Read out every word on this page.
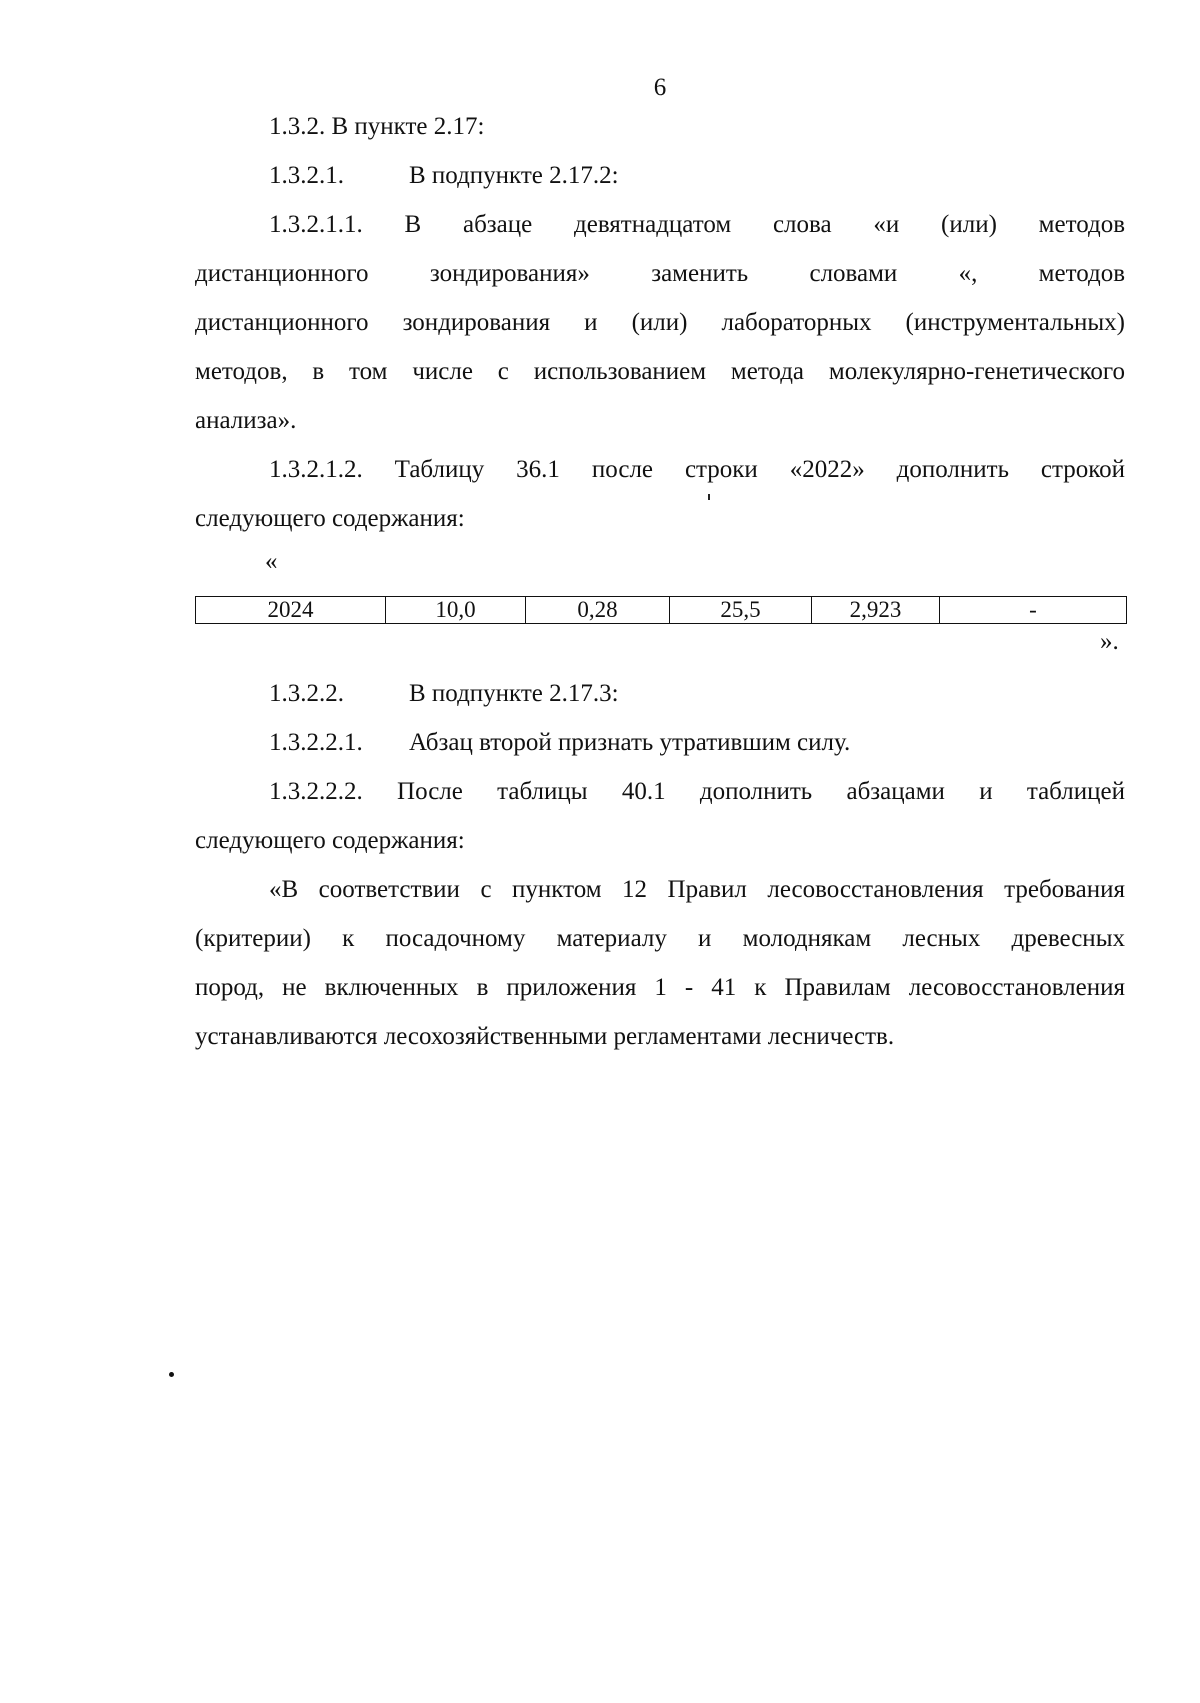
6
1.3.2. В пункте 2.17:
1.3.2.1.	В подпункте 2.17.2:
1.3.2.1.1. В абзаце девятнадцатом слова «и (или) методов
дистанционного зондирования» заменить словами «, методов
дистанционного зондирования и (или) лабораторных (инструментальных)
методов, в том числе с использованием метода молекулярно-генетического
анализа».
1.3.2.1.2. Таблицу 36.1 после строки «2022» дополнить строкой
следующего содержания:
«
2024	10,0	0,28	25,5	2,923	-
».
1.3.2.2.	В подпункте 2.17.3:
1.3.2.2.1. Абзац второй признать утратившим силу.
1.3.2.2.2. После таблицы 40.1 дополнить абзацами и таблицей
следующего содержания:
«В соответствии с пунктом 12 Правил лесовосстановления требования
(критерии) к посадочному материалу и молоднякам лесных древесных
пород, не включенных в приложения 1 - 41 к Правилам лесовосстановления
устанавливаются лесохозяйственными регламентами лесничеств.
